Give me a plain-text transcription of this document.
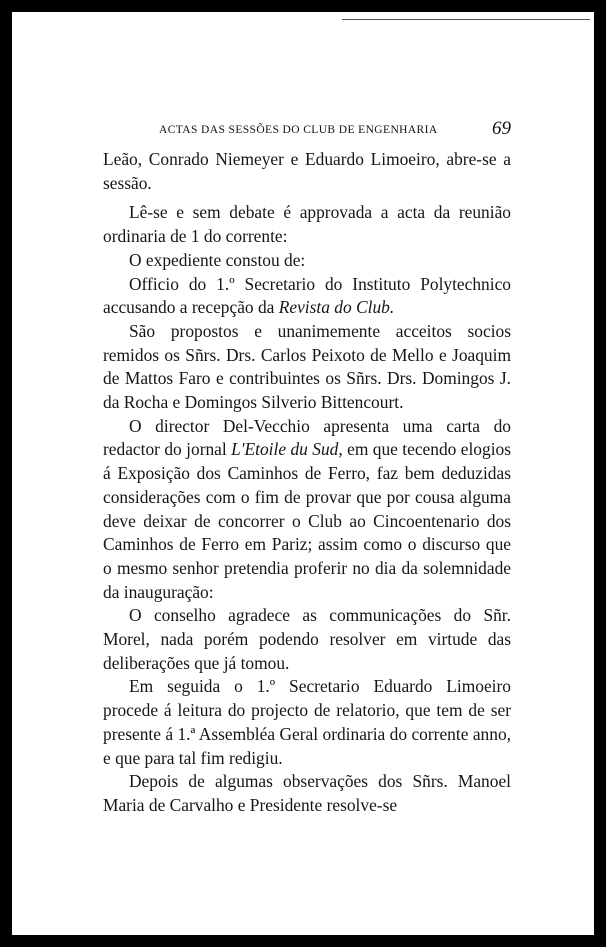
ACTAS DAS SESSÕES DO CLUB DE ENGENHARIA	69

Leão, Conrado Niemeyer e Eduardo Limoeiro, abre-se a sessão.

Lê-se e sem debate é approvada a acta da reunião ordinaria de 1 do corrente:

O expediente constou de:

Officio do 1.º Secretario do Instituto Polytechnico accusando a recepção da Revista do Club.

São propostos e unanimemente acceitos socios remidos os Sñrs. Drs. Carlos Peixoto de Mello e Joaquim de Mattos Faro e contribuintes os Sñrs. Drs. Domingos J. da Rocha e Domingos Silverio Bittencourt.

O director Del-Vecchio apresenta uma carta do redactor do jornal L'Etoile du Sud, em que tecendo elogios á Exposição dos Caminhos de Ferro, faz bem deduzidas considerações com o fim de provar que por cousa alguma deve deixar de concorrer o Club ao Cincoentenario dos Caminhos de Ferro em Pariz; assim como o discurso que o mesmo senhor pretendia proferir no dia da solemnidade da inauguração:

O conselho agradece as communicações do Sñr. Morel, nada porém podendo resolver em virtude das deliberações que já tomou.

Em seguida o 1.º Secretario Eduardo Limoeiro procede á leitura do projecto de relatorio, que tem de ser presente á 1.ª Assembléa Geral ordinaria do corrente anno, e que para tal fim redigiu.

Depois de algumas observações dos Sñrs. Manoel Maria de Carvalho e Presidente resolve-se
